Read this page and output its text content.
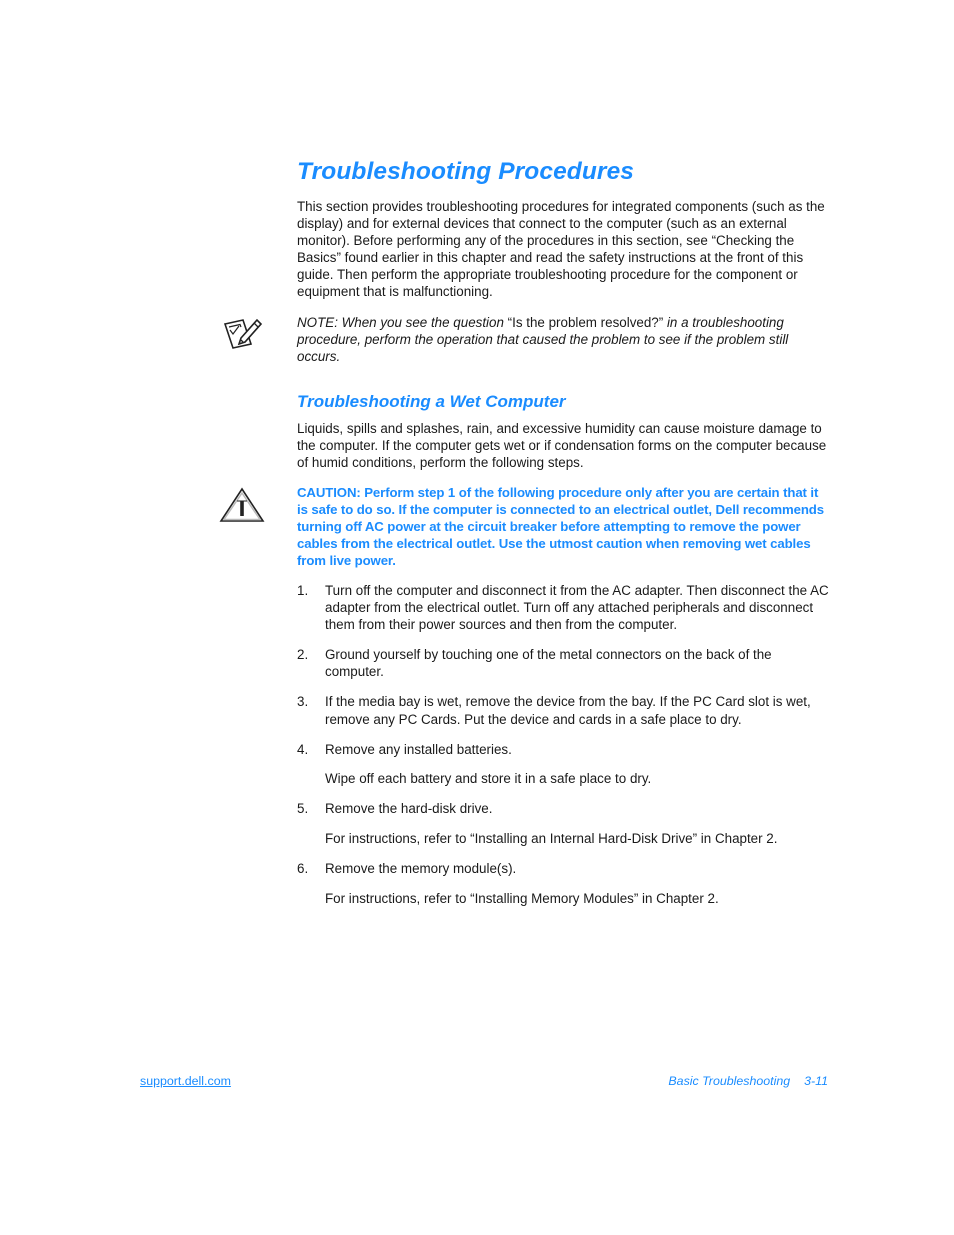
Troubleshooting Procedures

This section provides troubleshooting procedures for integrated components (such as the display) and for external devices that connect to the computer (such as an external monitor). Before performing any of the procedures in this section, see “Checking the Basics” found earlier in this chapter and read the safety instructions at the front of this guide. Then perform the appropriate troubleshooting procedure for the component or equipment that is malfunctioning.

NOTE: When you see the question “Is the problem resolved?” in a troubleshooting procedure, perform the operation that caused the problem to see if the problem still occurs.

Troubleshooting a Wet Computer

Liquids, spills and splashes, rain, and excessive humidity can cause moisture damage to the computer. If the computer gets wet or if condensation forms on the computer because of humid conditions, perform the following steps.

CAUTION: Perform step 1 of the following procedure only after you are certain that it is safe to do so. If the computer is connected to an electrical outlet, Dell recommends turning off AC power at the circuit breaker before attempting to remove the power cables from the electrical outlet. Use the utmost caution when removing wet cables from live power.

1. Turn off the computer and disconnect it from the AC adapter. Then disconnect the AC adapter from the electrical outlet. Turn off any attached peripherals and disconnect them from their power sources and then from the computer.
2. Ground yourself by touching one of the metal connectors on the back of the computer.
3. If the media bay is wet, remove the device from the bay. If the PC Card slot is wet, remove any PC Cards. Put the device and cards in a safe place to dry.
4. Remove any installed batteries.
Wipe off each battery and store it in a safe place to dry.
5. Remove the hard-disk drive.
For instructions, refer to “Installing an Internal Hard-Disk Drive” in Chapter 2.
6. Remove the memory module(s).
For instructions, refer to “Installing Memory Modules” in Chapter 2.
support.dell.com	Basic Troubleshooting 3-11
